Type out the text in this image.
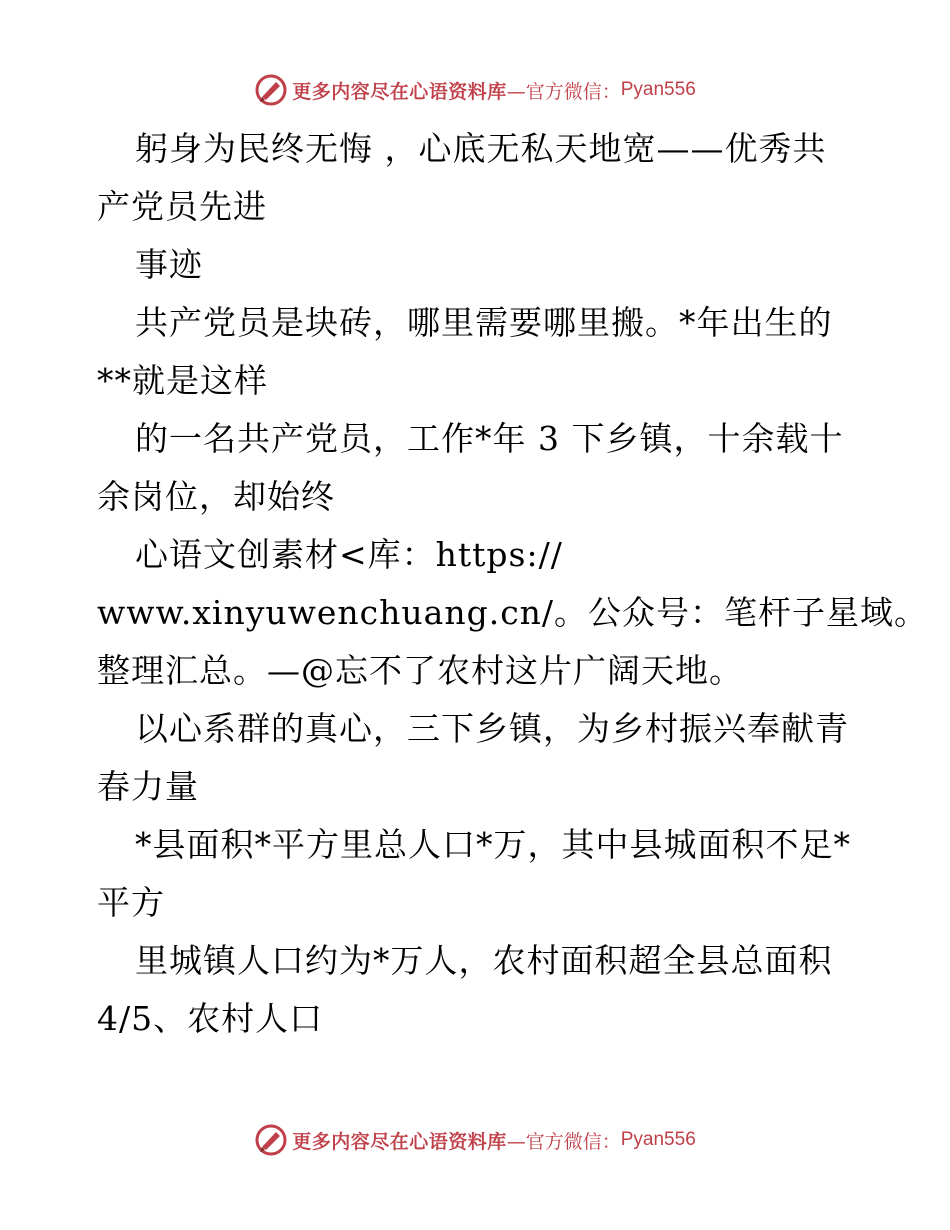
更多内容尽在心语资料库 —官方微信： Pyan556
躬身为民终无悔 ，心底无私天地宽——优秀共
产党员先进
事迹
共产党员是块砖，哪里需要哪里搬。*年出生的
**就是这样
的一名共产党员，工作*年 3 下乡镇，十余载十
余岗位，却始终
心语文创素材<库：https://
www.xinyuwenchuang.cn/。公众号：笔杆子星域。
整理汇总。—@忘不了农村这片广阔天地。
以心系群的真心，三下乡镇，为乡村振兴奉献青
春力量
*县面积*平方里总人口*万，其中县城面积不足*
平方
里城镇人口约为*万人，农村面积超全县总面积
4/5、农村人口
更多内容尽在心语资料库 —官方微信： Pyan556
